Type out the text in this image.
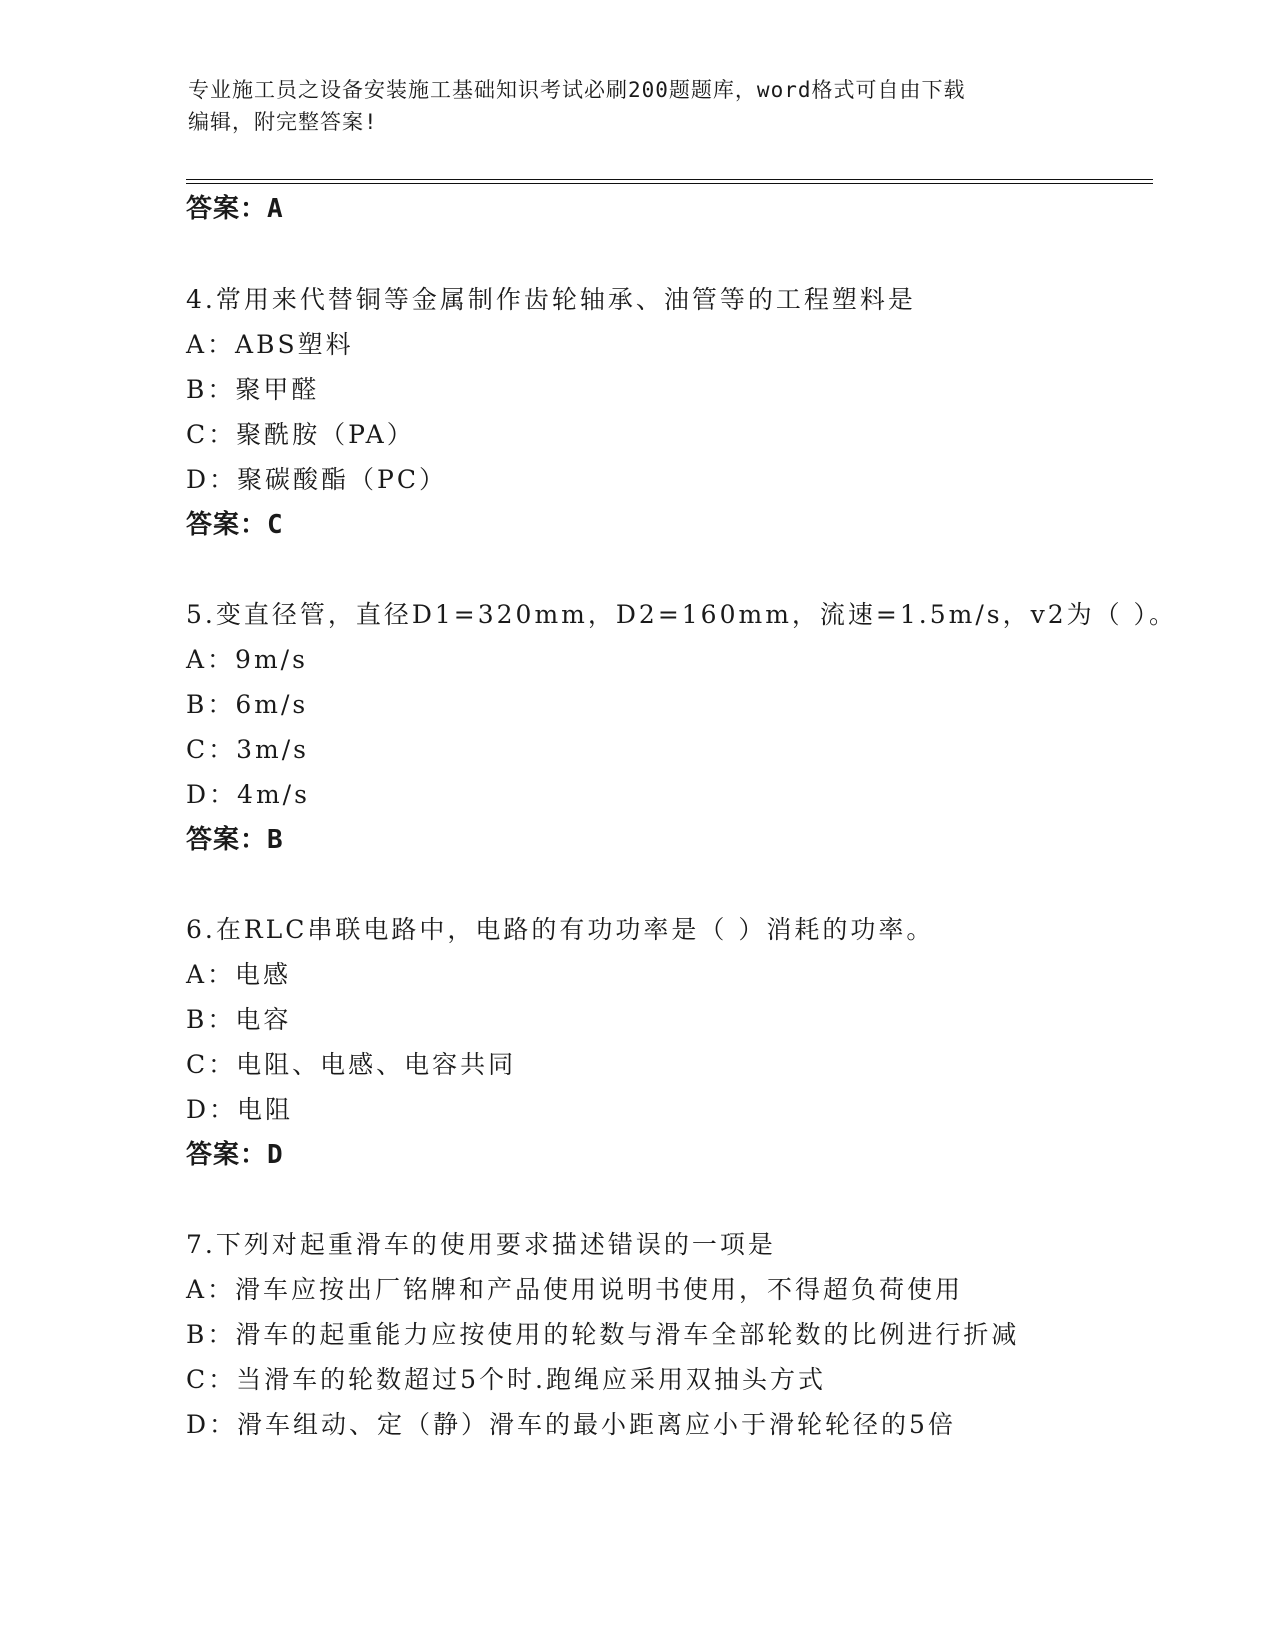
专业施工员之设备安装施工基础知识考试必刷200题题库，word格式可自由下载
编辑，附完整答案!
答案：A
4.常用来代替铜等金属制作齿轮轴承、油管等的工程塑料是
A：ABS塑料
B：聚甲醛
C：聚酰胺（PA）
D：聚碳酸酯（PC）
答案：C
5.变直径管，直径D1=320mm，D2=160mm，流速=1.5m/s，v2为（ ）。
A：9m/s
B：6m/s
C：3m/s
D：4m/s
答案：B
6.在RLC串联电路中，电路的有功功率是（ ）消耗的功率。
A：电感
B：电容
C：电阻、电感、电容共同
D：电阻
答案：D
7.下列对起重滑车的使用要求描述错误的一项是
A：滑车应按出厂铭牌和产品使用说明书使用，不得超负荷使用
B：滑车的起重能力应按使用的轮数与滑车全部轮数的比例进行折减
C：当滑车的轮数超过5个时.跑绳应采用双抽头方式
D：滑车组动、定（静）滑车的最小距离应小于滑轮轮径的5倍
